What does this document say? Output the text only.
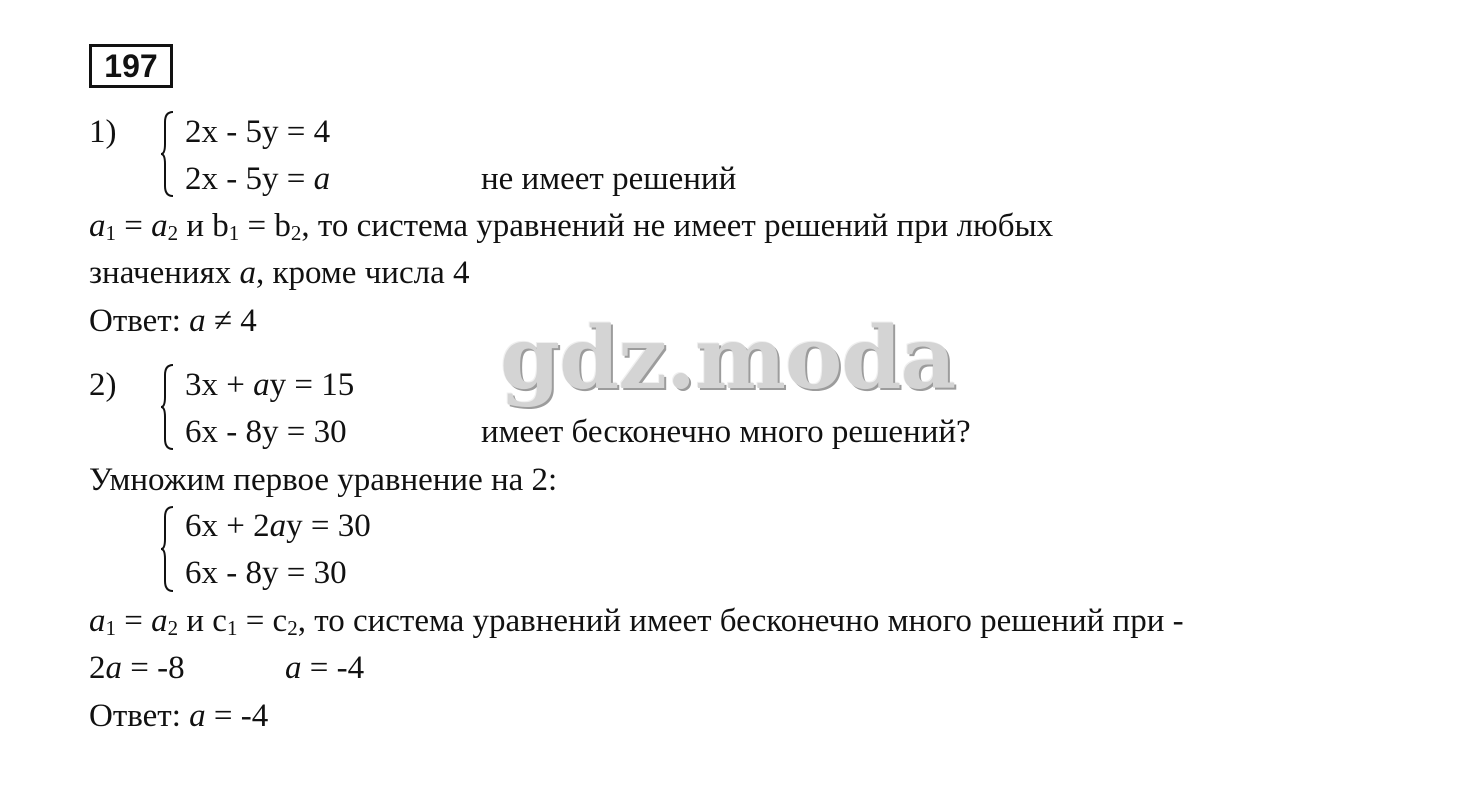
197
1) 2x - 5y = 4
2x - 5y = a	не имеет решений
$a_1 = a_2$ и $b_1 = b_2$, то система уравнений не имеет решений при любых
значениях a, кроме числа 4
Ответ: a ≠ 4
2) 3x + ay = 15
6x - 8y = 30	имеет бесконечно много решений?
Умножим первое уравнение на 2:
6x + 2ay = 30
6x - 8y = 30
$a_1 = a_2$ и $c_1 = c_2$, то система уравнений имеет бесконечно много решений при -
2a = -8	a = -4
Ответ: a = -4
gdz.moda
